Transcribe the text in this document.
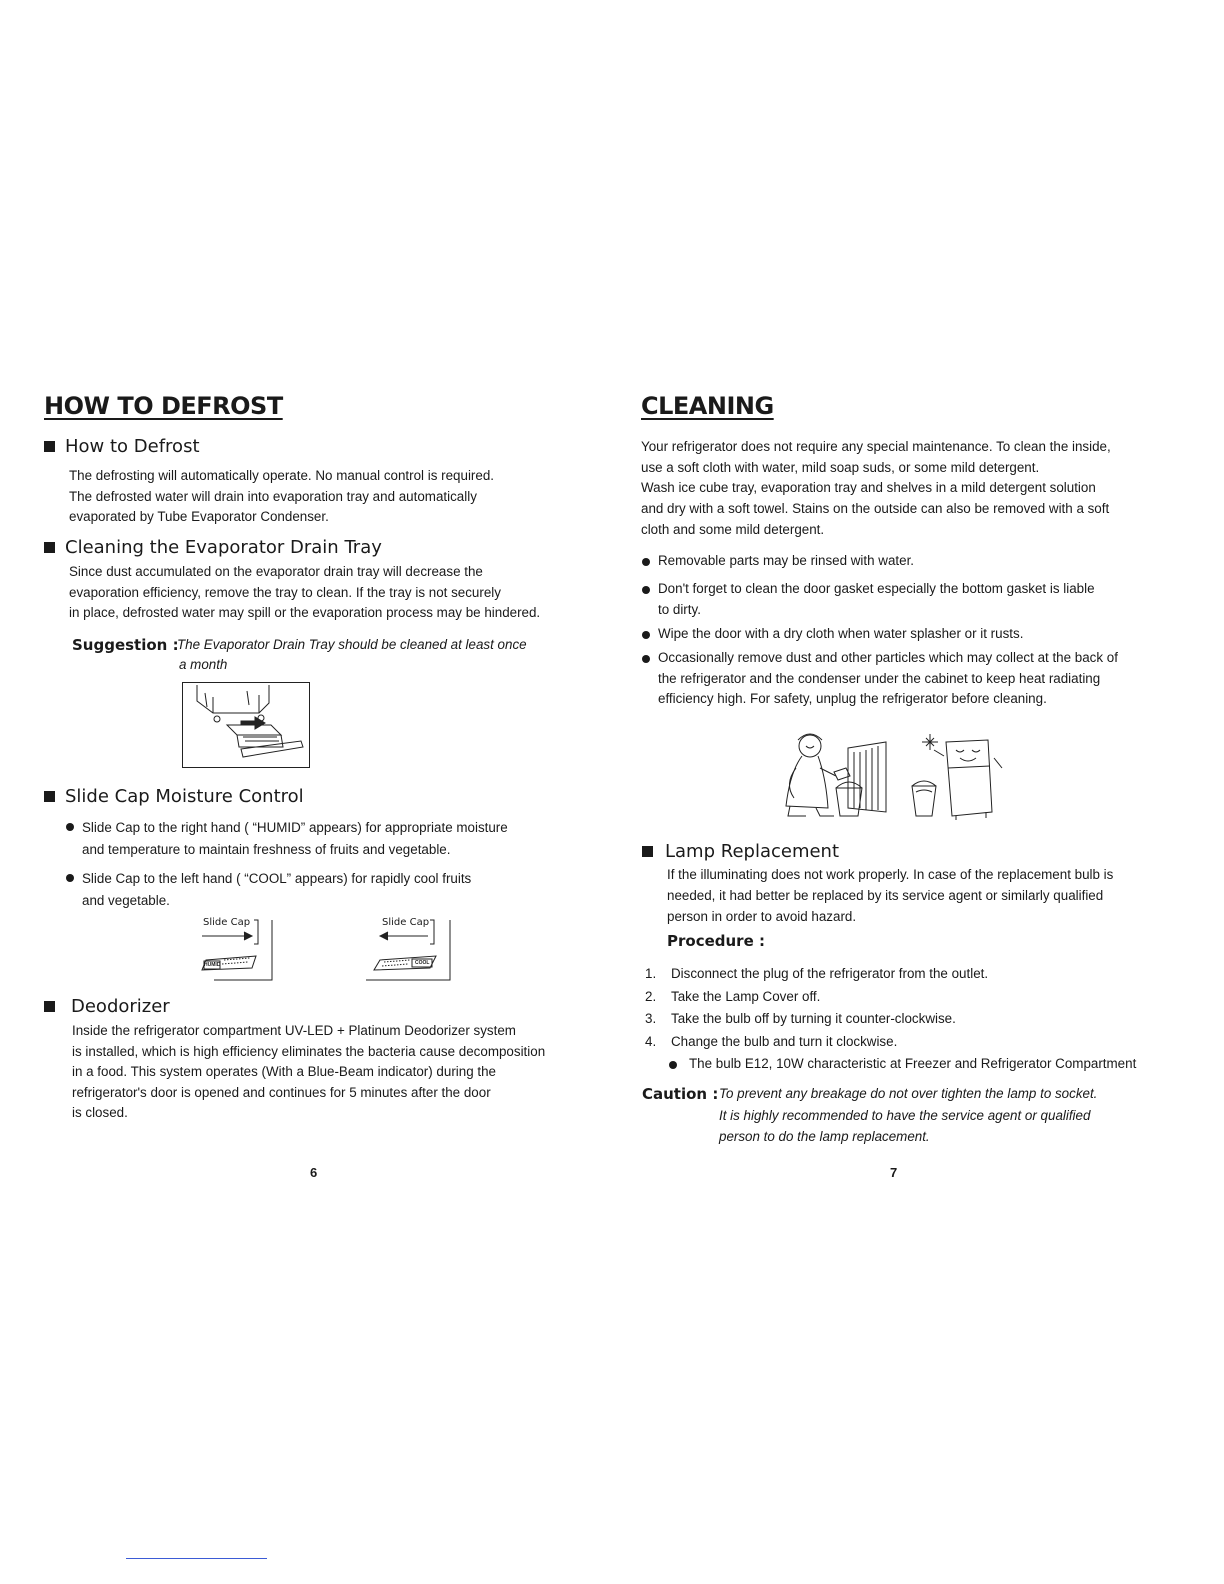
HOW TO DEFROST
How to Defrost

The defrosting will automatically operate. No manual control is required.

The defrosted water will drain into evaporation tray and automatically

evaporated by Tube Evaporator Condenser.

Cleaning the Evaporator Drain Tray

Since dust accumulated on the evaporator drain tray will decrease the

evaporation efficiency, remove the tray to clean. If the tray is not securely

in place, defrosted water may spill or the evaporation process may be hindered.

Suggestion :
The Evaporator Drain Tray should be cleaned at least once
a month
Slide Cap Moisture Control

Slide Cap to the right hand ( “HUMID” appears) for appropriate moisture

and temperature to maintain freshness of fruits and vegetable.

Slide Cap to the left hand ( “COOL” appears) for rapidly cool fruits

and vegetable.

Slide Cap
HUMID
Slide Cap
COOL
Deodorizer

Inside the refrigerator compartment UV-LED + Platinum Deodorizer system

is installed, which is high efficiency eliminates the bacteria cause decomposition

in a food. This system operates (With a Blue-Beam indicator) during the

refrigerator's door is opened and continues for 5 minutes after the door

is closed.

6
CLEANING

Your refrigerator does not require any special maintenance. To clean the inside,

use a soft cloth with water, mild soap suds, or some mild detergent.

Wash ice cube tray, evaporation tray and shelves in a mild detergent solution

and dry with a soft towel. Stains on the outside can also be removed with a soft

cloth and some mild detergent.

Removable parts may be rinsed with water.

Don't forget to clean the door gasket especially the bottom gasket is liable

to dirty.

Wipe the door with a dry cloth when water splasher or it rusts.

Occasionally remove dust and other particles which may collect at the back of

the refrigerator and the condenser under the cabinet to keep heat radiating

efficiency high. For safety, unplug the refrigerator before cleaning.

Lamp Replacement

If the illuminating does not work properly. In case of the replacement bulb is

needed, it had better be replaced by its service agent or similarly qualified

person in order to avoid hazard.

Procedure :
1.	Disconnect the plug of the refrigerator from the outlet.
2.	Take the Lamp Cover off.
3.	Take the bulb off by turning it counter-clockwise.
4.	Change the bulb and turn it clockwise.

The bulb E12, 10W characteristic at Freezer and Refrigerator Compartment

Caution : To prevent any breakage do not over tighten the lamp to socket.
It is highly recommended to have the service agent or qualified
person to do the lamp replacement.
7
